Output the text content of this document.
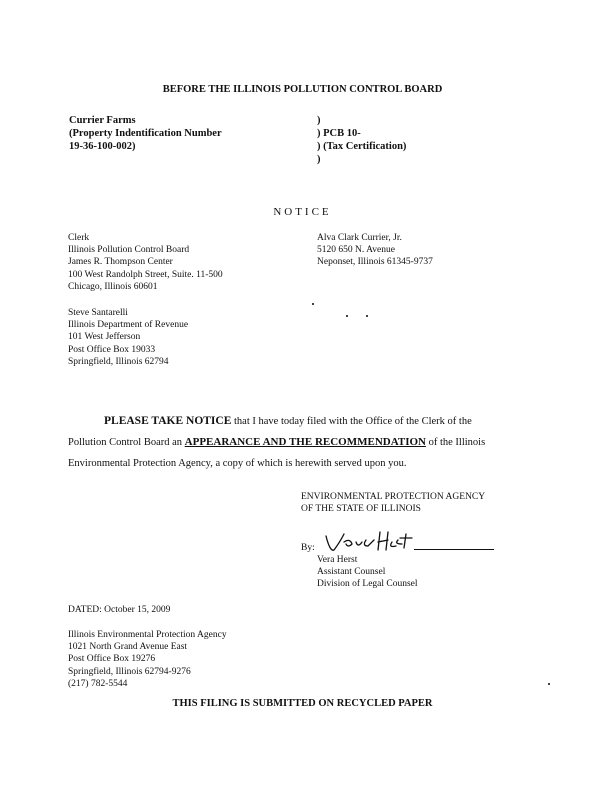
BEFORE THE ILLINOIS POLLUTION CONTROL BOARD
Currier Farms
(Property Indentification Number
19-36-100-002)
)
) PCB 10-
) (Tax Certification)
)
NOTICE
Clerk
Illinois Pollution Control Board
James R. Thompson Center
100 West Randolph Street, Suite. 11-500
Chicago, Illinois 60601
Alva Clark Currier, Jr.
5120 650 N. Avenue
Neponset, Illinois 61345-9737
Steve Santarelli
Illinois Department of Revenue
101 West Jefferson
Post Office Box 19033
Springfield, Illinois 62794
PLEASE TAKE NOTICE that I have today filed with the Office of the Clerk of the
Pollution Control Board an APPEARANCE AND THE RECOMMENDATION of the Illinois
Environmental Protection Agency, a copy of which is herewith served upon you.
ENVIRONMENTAL PROTECTION AGENCY
OF THE STATE OF ILLINOIS
By:
Vera Herst
Assistant Counsel
Division of Legal Counsel
DATED: October 15, 2009
Illinois Environmental Protection Agency
1021 North Grand Avenue East
Post Office Box 19276
Springfield, Illinois 62794-9276
(217) 782-5544
THIS FILING IS SUBMITTED ON RECYCLED PAPER
